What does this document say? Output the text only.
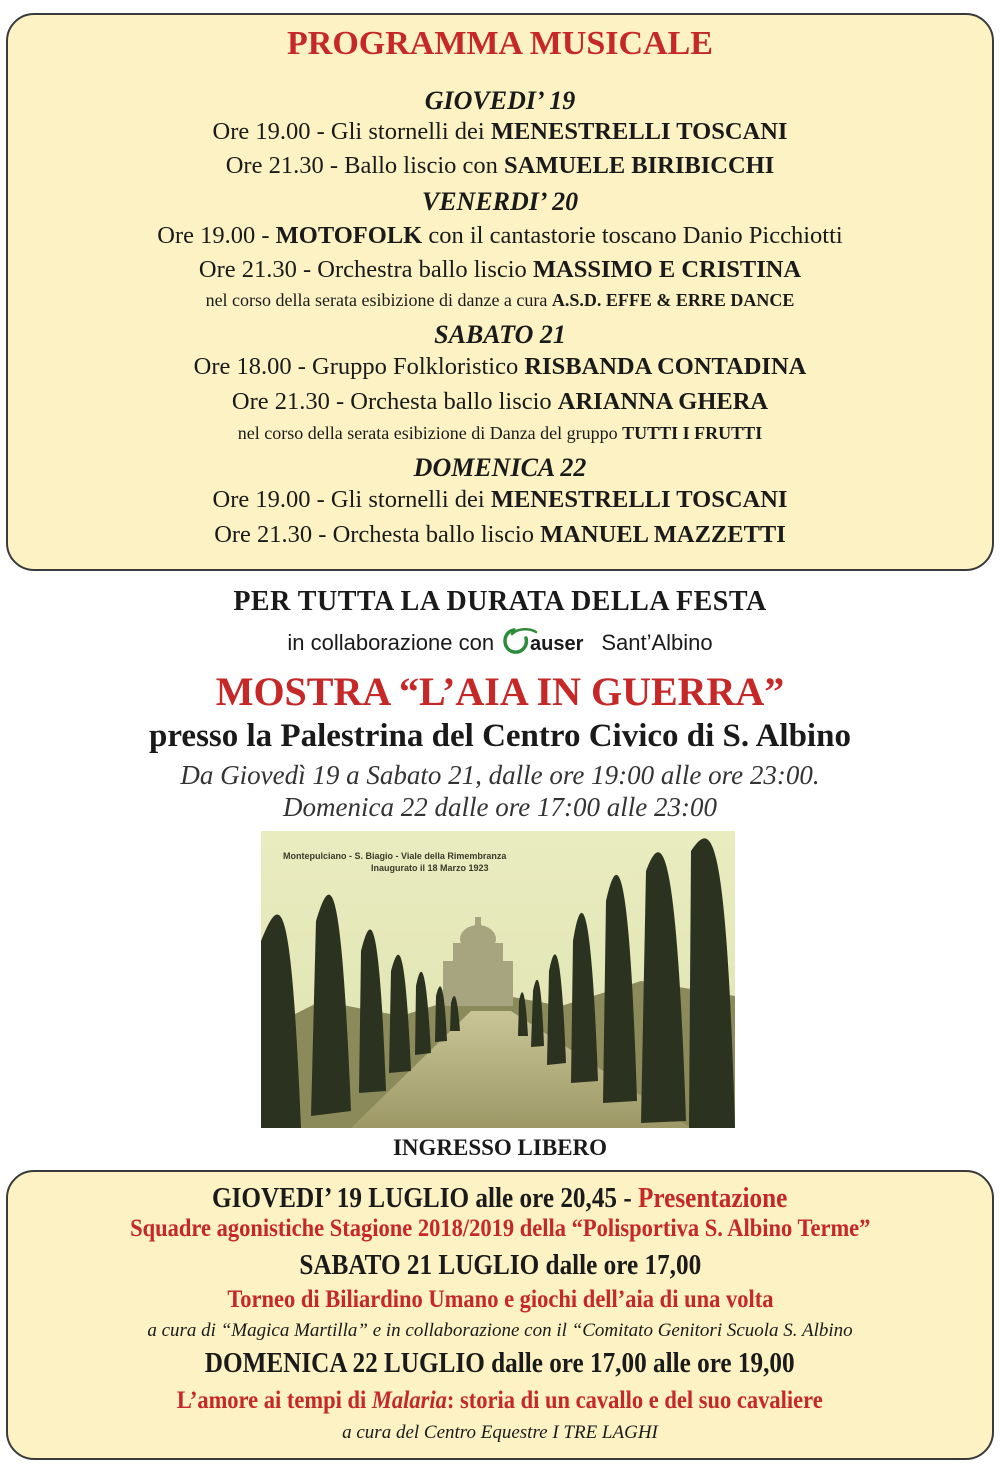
PROGRAMMA MUSICALE
GIOVEDI’ 19
Ore 19.00 - Gli stornelli dei MENESTRELLI TOSCANI
Ore 21.30 - Ballo liscio con SAMUELE BIRIBICCHI
VENERDI’ 20
Ore 19.00 - MOTOFOLK con il cantastorie toscano Danio Picchiotti
Ore 21.30 - Orchestra ballo liscio MASSIMO E CRISTINA
nel corso della serata esibizione di danze a cura A.S.D. EFFE & ERRE DANCE
SABATO 21
Ore 18.00 - Gruppo Folkloristico RISBANDA CONTADINA
Ore 21.30 - Orchesta ballo liscio ARIANNA GHERA
nel corso della serata esibizione di Danza del gruppo TUTTI I FRUTTI
DOMENICA 22
Ore 19.00 - Gli stornelli dei MENESTRELLI TOSCANI
Ore 21.30 - Orchesta ballo liscio MANUEL MAZZETTI
PER TUTTA LA DURATA DELLA FESTA
in collaborazione con auser Sant’Albino
MOSTRA “L’AIA IN GUERRA”
presso la Palestrina del Centro Civico di S. Albino
Da Giovedì 19 a Sabato 21, dalle ore 19:00 alle ore 23:00.
Domenica 22 dalle ore 17:00 alle 23:00
Montepulciano - S. Biagio - Viale della Rimembranza
Inaugurato il 18 Marzo 1923
INGRESSO LIBERO
GIOVEDI’ 19 LUGLIO alle ore 20,45 - Presentazione
Squadre agonistiche Stagione 2018/2019 della “Polisportiva S. Albino Terme”
SABATO 21 LUGLIO dalle ore 17,00
Torneo di Biliardino Umano e giochi dell’aia di una volta
a cura di “Magica Martilla” e in collaborazione con il “Comitato Genitori Scuola S. Albino
DOMENICA 22 LUGLIO dalle ore 17,00 alle ore 19,00
L’amore ai tempi di Malaria: storia di un cavallo e del suo cavaliere
a cura del Centro Equestre I TRE LAGHI
